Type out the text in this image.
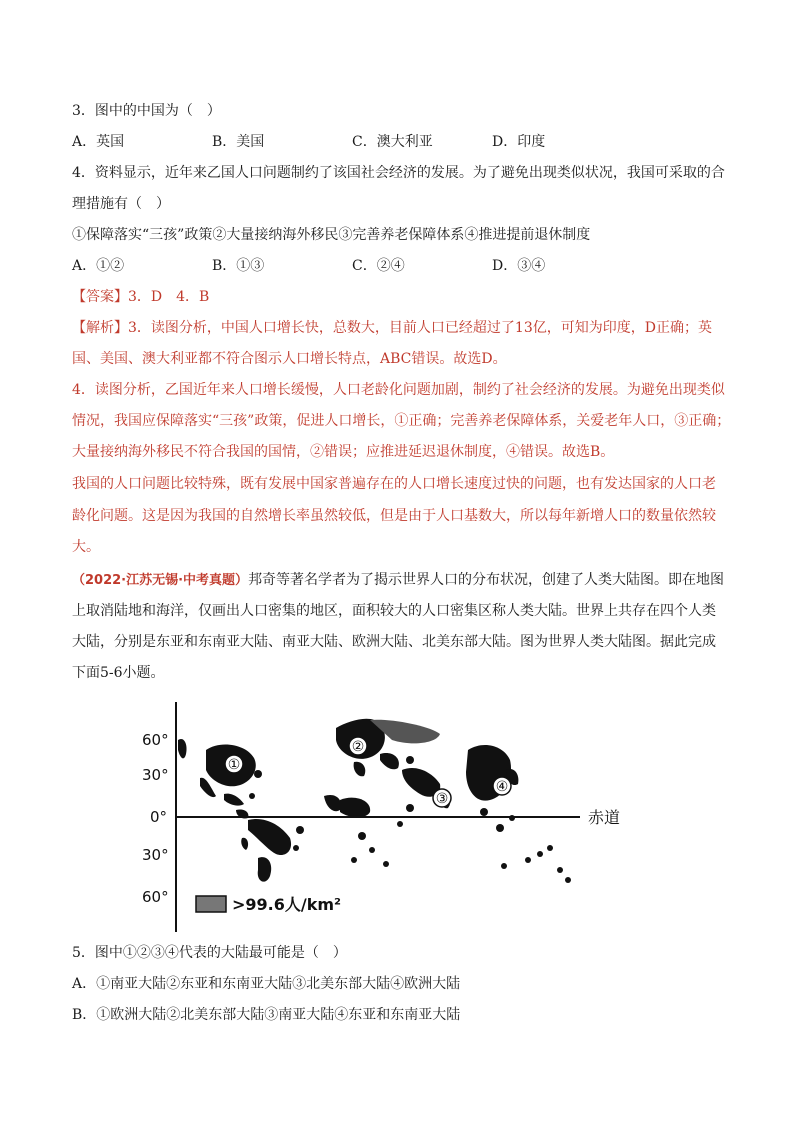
3．图中的中国为（　）
A．英国	B．美国	C．澳大利亚	D．印度
4．资料显示，近年来乙国人口问题制约了该国社会经济的发展。为了避免出现类似状况，我国可采取的合
理措施有（　）
①保障落实“三孩”政策②大量接纳海外移民③完善养老保障体系④推进提前退休制度
A．①②	B．①③	C．②④	D．③④
【答案】3．D　4．B
【解析】3．读图分析，中国人口增长快，总数大，目前人口已经超过了13亿，可知为印度，D正确；英
国、美国、澳大利亚都不符合图示人口增长特点，ABC错误。故选D。
4．读图分析，乙国近年来人口增长缓慢，人口老龄化问题加剧，制约了社会经济的发展。为避免出现类似
情况，我国应保障落实“三孩”政策，促进人口增长，①正确；完善养老保障体系，关爱老年人口，③正确；
大量接纳海外移民不符合我国的国情，②错误；应推进延迟退休制度，④错误。故选B。
我国的人口问题比较特殊，既有发展中国家普遍存在的人口增长速度过快的问题，也有发达国家的人口老
龄化问题。这是因为我国的自然增长率虽然较低，但是由于人口基数大，所以每年新增人口的数量依然较
大。
（2022·江苏无锡·中考真题）邦奇等著名学者为了揭示世界人口的分布状况，创建了人类大陆图。即在地图
上取消陆地和海洋，仅画出人口密集的地区，面积较大的人口密集区称人类大陆。世界上共存在四个人类
大陆，分别是东亚和东南亚大陆、南亚大陆、欧洲大陆、北美东部大陆。图为世界人类大陆图。据此完成
下面5-6小题。
60°
30°
0°
30°
60°
赤道
①
②
③
④
>99.6人/km²
5．图中①②③④代表的大陆最可能是（　）
A．①南亚大陆②东亚和东南亚大陆③北美东部大陆④欧洲大陆
B．①欧洲大陆②北美东部大陆③南亚大陆④东亚和东南亚大陆
